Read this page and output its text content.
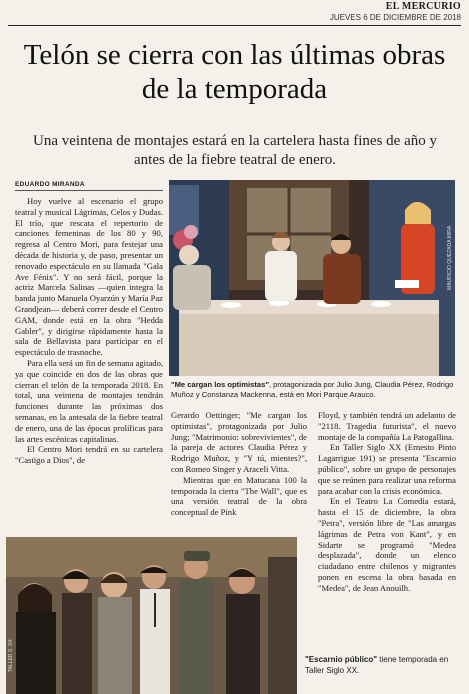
EL MERCURIO
JUEVES 6 DE DICIEMBRE DE 2018
Telón se cierra con las últimas obras de la temporada
Una veintena de montajes estará en la cartelera hasta fines de año y antes de la fiebre teatral de enero.
EDUARDO MIRANDA

Hoy vuelve al escenario el grupo teatral y musical Lágrimas, Celos y Dudas. El trío, que rescata el repertorio de canciones femeninas de los 80 y 90, regresa al Centro Mori, para festejar una década de historia y, de paso, presentar un renovado espectáculo en su llamada "Gala Ave Fénix". Y no será fácil, porque la actriz Marcela Salinas —quien integra la banda junto Manuela Oyarzún y María Paz Grandjean— deberá correr desde el Centro GAM, donde está en la obra "Hedda Gabler", y dirigirse rápidamente hasta la sala de Bellavista para participar en el espectáculo de trasnoche.

Para ella será un fin de semana agitado, ya que coincide en dos de las obras que cierran el telón de la temporada 2018. En total, una veintena de montajes tendrán funciones durante las próximas dos semanas, en la antesala de la fiebre teatral de enero, una de las épocas prolíficas para las artes escénicas capitalinas.

El Centro Mori tendrá en su cartelera "Castigo a Dios", de

MAURICIO QUEZADA MIRA
"Me cargan los optimistas", protagonizada por Julio Jung, Claudia Pérez, Rodrigo Muñoz y Constanza Mackenna, está en Mori Parque Arauco.

Gerardo Oettinger; "Me cargan los optimistas", protagonizada por Julio Jung; "Matrimonio: sobrevivientes", de la pareja de actores Claudia Pérez y Rodrigo Muñoz, y "Y tú, mientes?", con Romeo Singer y Araceli Vitta.

Mientras que en Matucana 100 la temporada la cierra "The Wall", que es una versión teatral de la obra conceptual de Pink

Floyd, y también tendrá un adelanto de "2118. Tragedia futurista", el nuevo montaje de la compañía La Patogallina.

En Taller Siglo XX (Ernesto Pinto Lagarrigue 191) se presenta "Escarnio público", sobre un grupo de personajes que se reúnen para realizar una reforma para acabar con la crisis económica.

En el Teatro La Comedia estará, hasta el 15 de diciembre, la obra "Petra", versión libre de "Las amargas lágrimas de Petra von Kant", y en Sidarte se programó "Medea desplazada", donde un elenco ciudadano entre chilenos y migrantes ponen en escena la obra basada en "Medea", de Jean Anouilh.

TALLER S. XX	"Escarnio público" tiene temporada en Taller Siglo XX.
